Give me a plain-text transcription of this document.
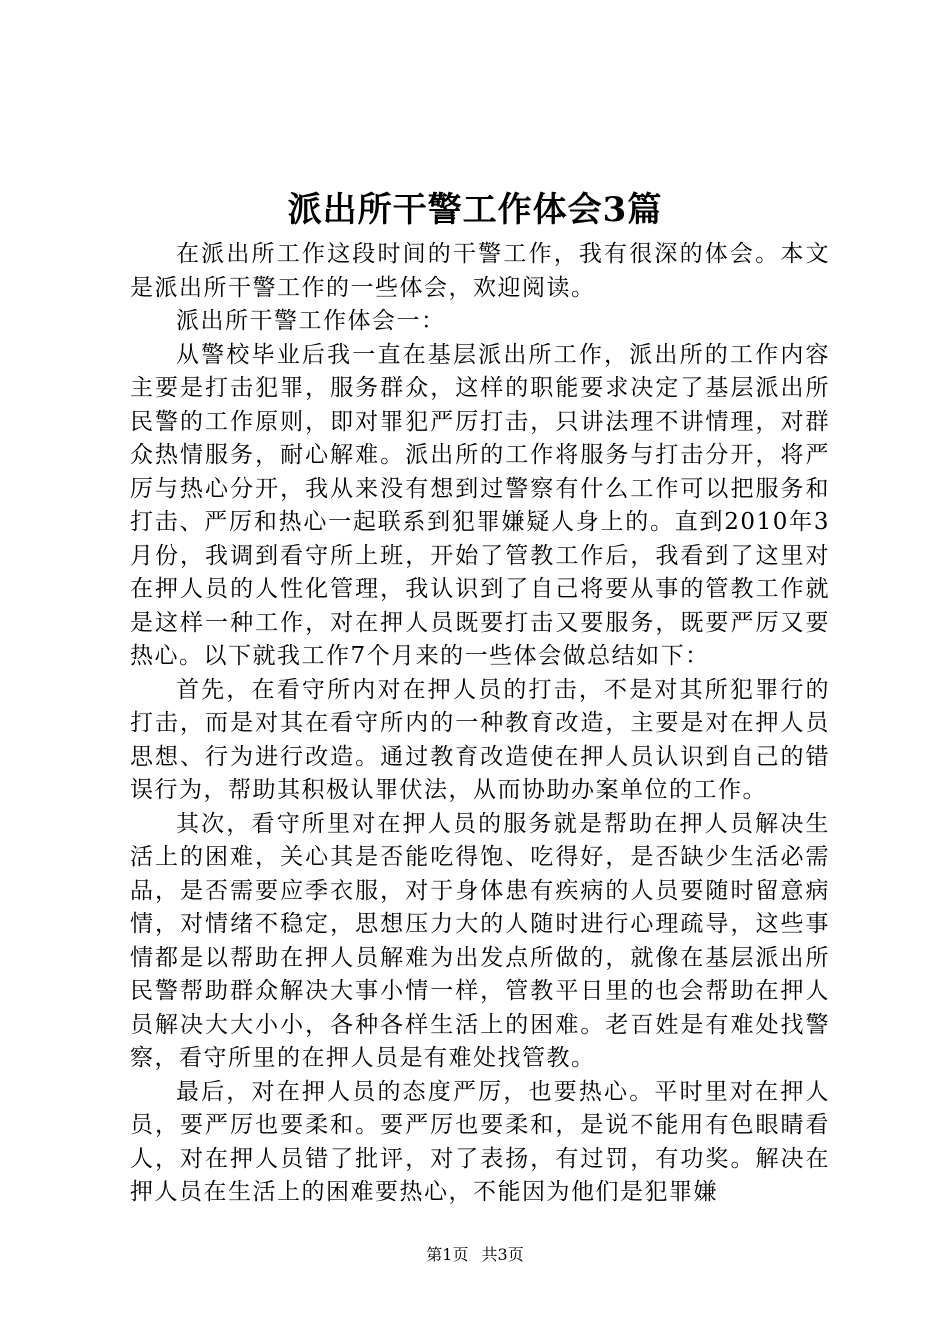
派出所干警工作体会3篇

在派出所工作这段时间的干警工作，我有很深的体会。本文是派出所干警工作的一些体会，欢迎阅读。

派出所干警工作体会一：

从警校毕业后我一直在基层派出所工作，派出所的工作内容主要是打击犯罪，服务群众，这样的职能要求决定了基层派出所民警的工作原则，即对罪犯严厉打击，只讲法理不讲情理，对群众热情服务，耐心解难。派出所的工作将服务与打击分开，将严厉与热心分开，我从来没有想到过警察有什么工作可以把服务和打击、严厉和热心一起联系到犯罪嫌疑人身上的。直到2010年3月份，我调到看守所上班，开始了管教工作后，我看到了这里对在押人员的人性化管理，我认识到了自己将要从事的管教工作就是这样一种工作，对在押人员既要打击又要服务，既要严厉又要热心。以下就我工作7个月来的一些体会做总结如下：

首先，在看守所内对在押人员的打击，不是对其所犯罪行的打击，而是对其在看守所内的一种教育改造，主要是对在押人员思想、行为进行改造。通过教育改造使在押人员认识到自己的错误行为，帮助其积极认罪伏法，从而协助办案单位的工作。

其次，看守所里对在押人员的服务就是帮助在押人员解决生活上的困难，关心其是否能吃得饱、吃得好，是否缺少生活必需品，是否需要应季衣服，对于身体患有疾病的人员要随时留意病情，对情绪不稳定，思想压力大的人随时进行心理疏导，这些事情都是以帮助在押人员解难为出发点所做的，就像在基层派出所民警帮助群众解决大事小情一样，管教平日里的也会帮助在押人员解决大大小小，各种各样生活上的困难。老百姓是有难处找警察，看守所里的在押人员是有难处找管教。

最后，对在押人员的态度严厉，也要热心。平时里对在押人员，要严厉也要柔和。要严厉也要柔和，是说不能用有色眼睛看人，对在押人员错了批评，对了表扬，有过罚，有功奖。解决在押人员在生活上的困难要热心，不能因为他们是犯罪嫌

第1页 共3页
